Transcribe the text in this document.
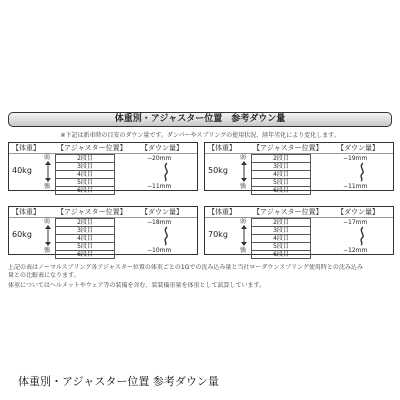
体重別・アジャスター位置　参考ダウン量
※下記は新車時の目安のダウン量です。ダンパーやスプリングの使用状況、経年劣化により変化します。
【体重】 【アジャスター位置】 【ダウン量】
40kg
弱
強
2段目
3段目
4段目
5段目
6段目
−20mm
−11mm
【体重】 【アジャスター位置】 【ダウン量】
50kg
弱
強
2段目
3段目
4段目
5段目
6段目
−19mm
−11mm
【体重】 【アジャスター位置】 【ダウン量】
60kg
弱
強
2段目
3段目
4段目
5段目
6段目
−18mm
−10mm
【体重】 【アジャスター位置】 【ダウン量】
70kg
弱
強
2段目
3段目
4段目
5段目
6段目
−17mm
−12mm
上記の表はノーマルスプリング各アジャスター位置の体重ごとの1Gでの沈み込み量と当社ローダウンスプリング使用時との沈み込み
量との比較表になります。
体重についてはヘルメットやウェア等の装備を含む、装装備重量を体重として試算しています。
体重別・アジャスター位置 参考ダウン量
